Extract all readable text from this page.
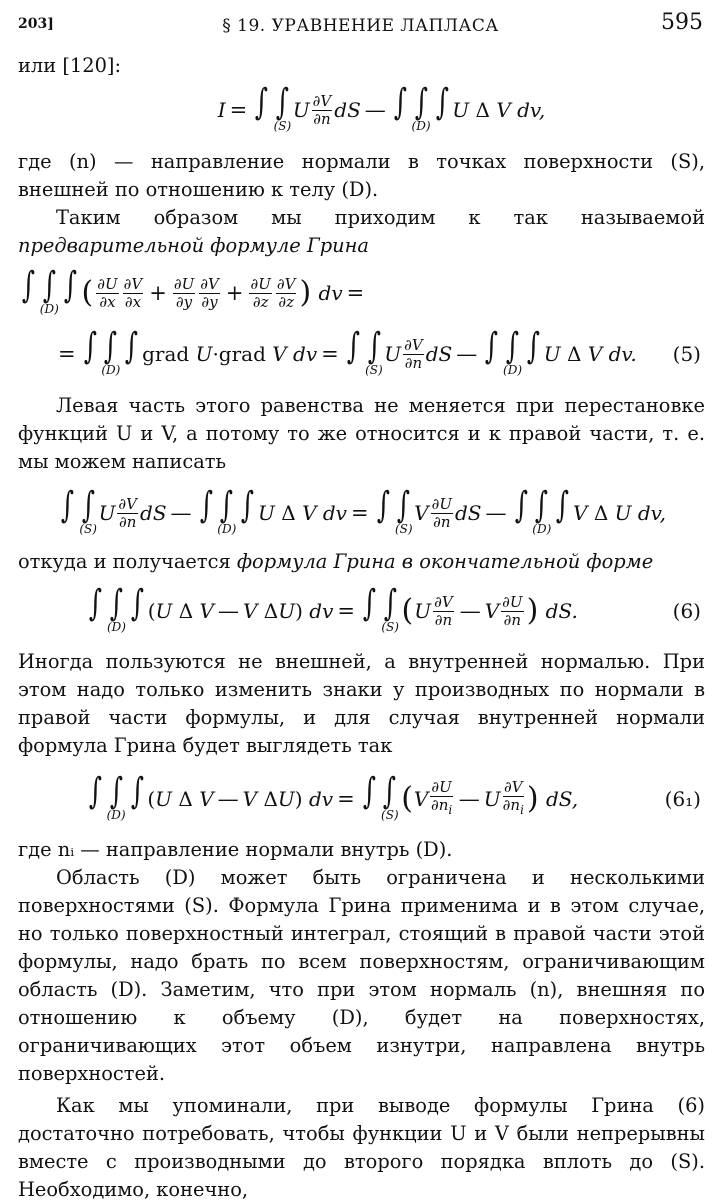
203]	§ 19. УРАВНЕНИЕ ЛАПЛАСА	595

или [120]:

I = ∫ ∫
(S)
U ∂V
∂n dS — ∫ ∫
(D)
∫ U Δ V dv,

где (n) — направление нормали в точках поверхности (S), внешней по отношению к телу (D).

Таким образом мы приходим к так называемой предварительной формуле Грина

∫ ∫
(D)
∫ ( ∂U
∂x
∂V
$\partial x + \frac{\partial U}{\partial y} \partial V$
$\partial y + \frac{\partial U}{\partial z} \partial V$
∂z ) dv =
= ∫ ∫
(D)
∫ grad U · grad V dv = ∫ ∫
(S)
U ∂V
∂n dS — ∫ ∫
(D)
∫ U Δ V dv. (5)

Левая часть этого равенства не меняется при перестановке функций U и V, а потому то же относится и к правой части, т. е. мы можем написать

∫ ∫
(S)
U ∂V
∂n dS — ∫ ∫
(D)
∫ U Δ V dv = ∫ ∫
(S)
V ∂U
∂n dS — ∫ ∫
(D)
∫ V Δ U dv,

откуда и получается формула Грина в окончательной форме

∫ ∫
(D)
∫ ( U Δ V — V Δ U ) dv = ∫ ∫
(S) ( U ∂V
∂n — V ∂U
∂n ) dS.	(6)

Иногда пользуются не внешней, а внутренней нормалью. При этом надо только изменить знаки у производных по нормали в правой части формулы, и для случая внутренней нормали формула Грина будет выглядеть так

∫ ∫
(D)
∫ ( U Δ V — V Δ U ) dv = ∫ ∫
(S) ( V ∂U
$\partial n_i$ — U ∂V
$\partial n_i$ ) dS,	(6₁)

где nᵢ — направление нормали внутрь (D).

Область (D) может быть ограничена и несколькими поверхностями (S). Формула Грина применима и в этом случае, но только поверхностный интеграл, стоящий в правой части этой формулы, надо брать по всем поверхностям, ограничивающим область (D). Заметим, что при этом нормаль (n), внешняя по отношению к объему (D), будет на поверхностях, ограничивающих этот объем изнутри, направлена внутрь поверхностей.

Как мы упоминали, при выводе формулы Грина (6) достаточно потребовать, чтобы функции U и V были непрерывны вместе с производными до второго порядка вплоть до (S). Необходимо, конечно,
